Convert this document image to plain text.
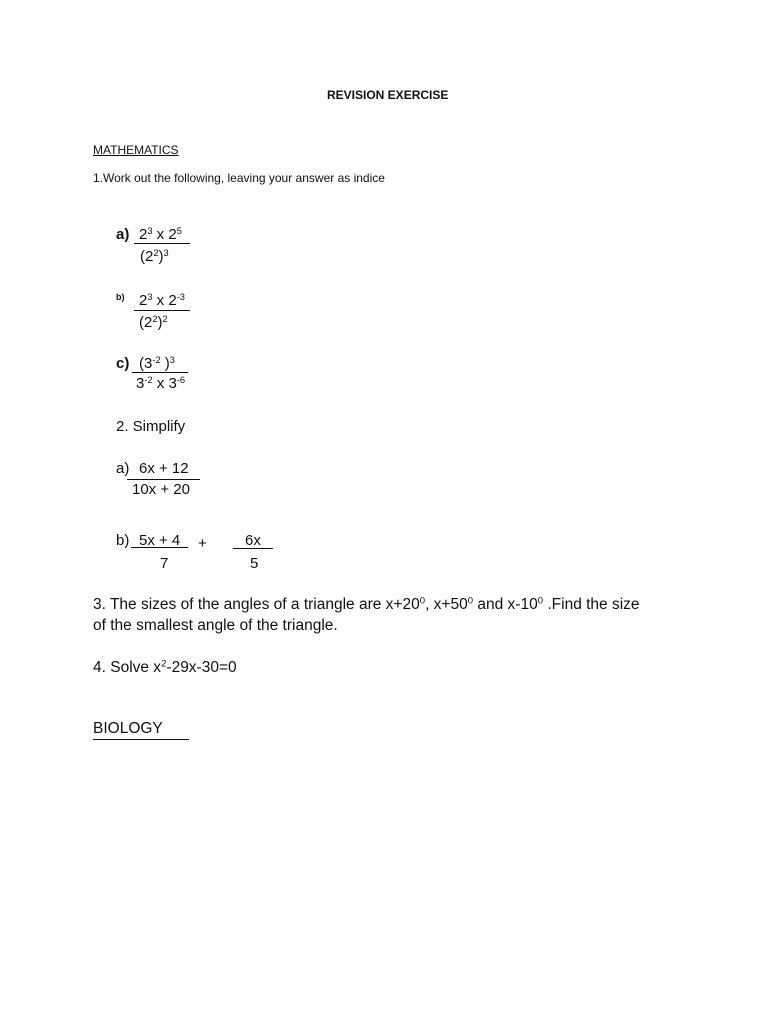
REVISION EXERCISE
MATHEMATICS
1.Work out the following, leaving your answer as indice
a) $2^3$ x $2^5$
$(2^2)^3$
b) $2^3$ x $2^{-3}$
$(2^2)^2$
c) ($3^{-2}$ )$^3$
$3^{-2}$ x $3^{-6}$
2. Simplify
a) 6x + 12
10x + 20
b) 5x + 4
7
+	6x
5
3. The sizes of the angles of a triangle are $x+20^0$, $x+50^0$ and $x-10^0$ .Find the size
of the smallest angle of the triangle.
4. Solve $x^2-29x-30=0$
BIOLOGY
